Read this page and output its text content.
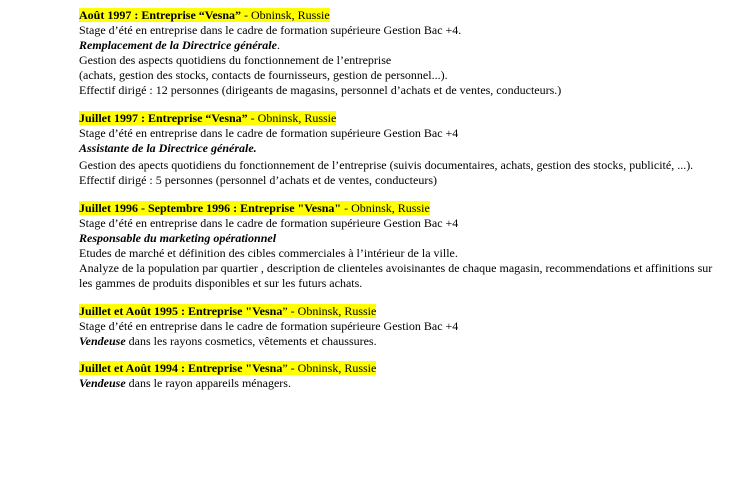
Août 1997 : Entreprise “Vesna” - Obninsk, Russie

Stage d’été en entreprise dans le cadre de formation supérieure Gestion Bac +4.

Remplacement de la Directrice générale.

Gestion des aspects quotidiens du fonctionnement de l’entreprise

(achats, gestion des stocks, contacts de fournisseurs, gestion de personnel...).

Effectif dirigé : 12 personnes (dirigeants de magasins, personnel d’achats et de ventes, conducteurs.)

Juillet 1997 : Entreprise “Vesna” - Obninsk, Russie

Stage d’été en entreprise dans le cadre de formation supérieure Gestion Bac +4

Assistante de la Directrice générale.

Gestion des apects quotidiens du fonctionnement de l’entreprise (suivis documentaires, achats, gestion des stocks, publicité, ...).

Effectif dirigé : 5 personnes (personnel d’achats et de ventes, conducteurs)

Juillet 1996 - Septembre 1996 : Entreprise "Vesna" - Obninsk, Russie

Stage d’été en entreprise dans le cadre de formation supérieure Gestion Bac +4

Responsable du marketing opérationnel

Etudes de marché et définition des cibles commerciales à l’intérieur de la ville.

Analyze de la population par quartier , description de clienteles avoisinantes de chaque magasin, recommendations et affinitions sur les gammes de produits disponibles et sur les futurs achats.

Juillet et Août 1995 : Entreprise "Vesna” - Obninsk, Russie

Stage d’été en entreprise dans le cadre de formation supérieure Gestion Bac +4

Vendeuse dans les rayons cosmetics, vêtements et chaussures.

Juillet et Août 1994 : Entreprise "Vesna” - Obninsk, Russie

Vendeuse dans le rayon appareils ménagers.
